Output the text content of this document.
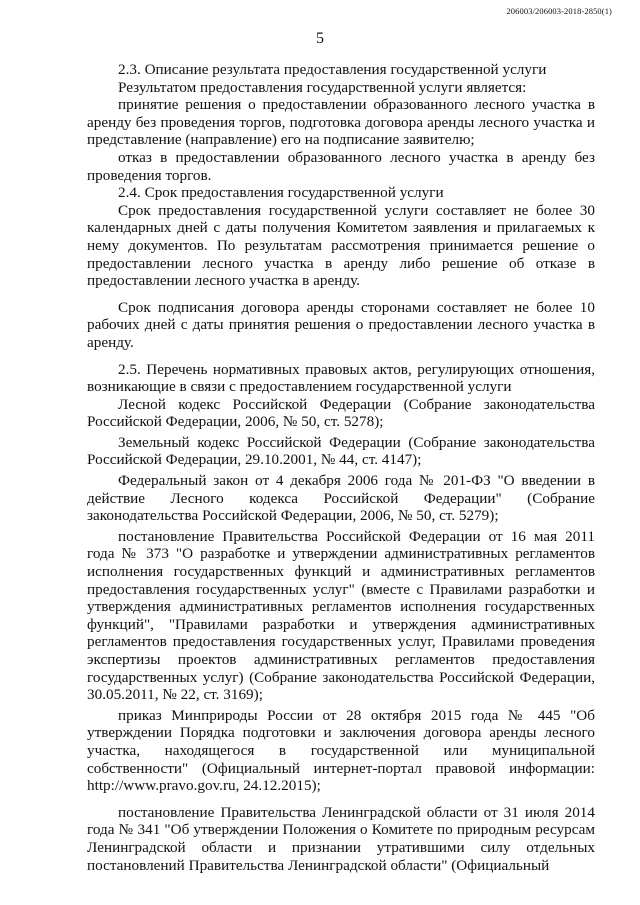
206003/206003-2018-2850(1)
5

2.3. Описание результата предоставления государственной услуги

Результатом предоставления государственной услуги является:

принятие решения о предоставлении образованного лесного участка в аренду без проведения торгов, подготовка договора аренды лесного участка и представление (направление) его на подписание заявителю;

отказ в предоставлении образованного лесного участка в аренду без проведения торгов.

2.4. Срок предоставления государственной услуги

Срок предоставления государственной услуги составляет не более 30 календарных дней с даты получения Комитетом заявления и прилагаемых к нему документов. По результатам рассмотрения принимается решение о предоставлении лесного участка в аренду либо решение об отказе в предоставлении лесного участка в аренду.

Срок подписания договора аренды сторонами составляет не более 10 рабочих дней с даты принятия решения о предоставлении лесного участка в аренду.

2.5. Перечень нормативных правовых актов, регулирующих отношения, возникающие в связи с предоставлением государственной услуги

Лесной кодекс Российской Федерации (Собрание законодательства Российской Федерации, 2006, № 50, ст. 5278);

Земельный кодекс Российской Федерации (Собрание законодательства Российской Федерации, 29.10.2001, № 44, ст. 4147);

Федеральный закон от 4 декабря 2006 года № 201-ФЗ "О введении в действие Лесного кодекса Российской Федерации" (Собрание законодательства Российской Федерации, 2006, № 50, ст. 5279);

постановление Правительства Российской Федерации от 16 мая 2011 года № 373 "О разработке и утверждении административных регламентов исполнения государственных функций и административных регламентов предоставления государственных услуг" (вместе с Правилами разработки и утверждения административных регламентов исполнения государственных функций", "Правилами разработки и утверждения административных регламентов предоставления государственных услуг, Правилами проведения экспертизы проектов административных регламентов предоставления государственных услуг) (Собрание законодательства Российской Федерации, 30.05.2011, № 22, ст. 3169);

приказ Минприроды России от 28 октября 2015 года № 445 "Об утверждении Порядка подготовки и заключения договора аренды лесного участка, находящегося в государственной или муниципальной собственности" (Официальный интернет-портал правовой информации: http://www.pravo.gov.ru, 24.12.2015);

постановление Правительства Ленинградской области от 31 июля 2014 года № 341 "Об утверждении Положения о Комитете по природным ресурсам Ленинградской области и признании утратившими силу отдельных постановлений Правительства Ленинградской области" (Официальный
